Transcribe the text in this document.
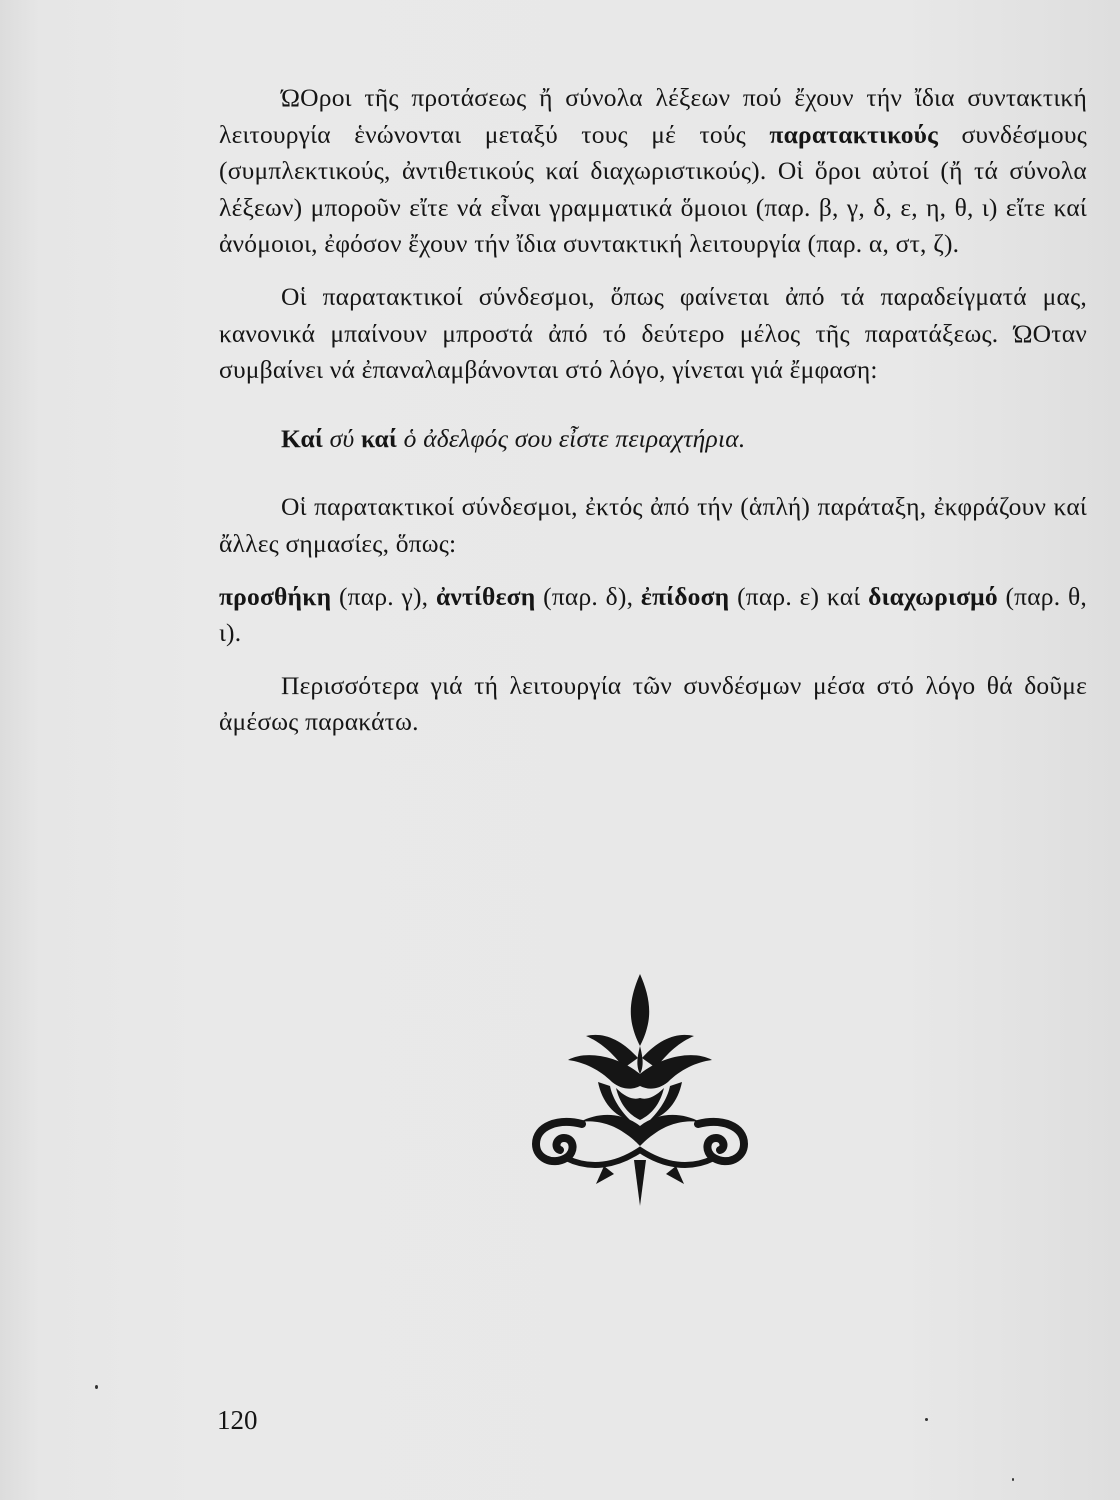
ΏΟροι τῆς προτάσεως ἤ σύνολα λέξεων πού ἔχουν τήν ἴδια συντακτική λειτουργία ἑνώνονται μεταξύ τους μέ τούς παρατακτικούς συνδέσμους (συμπλεκτικούς, ἀντιθετικούς καί διαχωριστικούς). Οἱ ὅροι αὐτοί (ἤ τά σύνολα λέξεων) μποροῦν εἴτε νά εἶναι γραμματικά ὅμοιοι (παρ. β, γ, δ, ε, η, θ, ι) εἴτε καί ἀνόμοιοι, ἐφόσον ἔχουν τήν ἴδια συντακτική λειτουργία (παρ. α, στ, ζ).

Οἱ παρατακτικοί σύνδεσμοι, ὅπως φαίνεται ἀπό τά παραδείγματά μας, κανονικά μπαίνουν μπροστά ἀπό τό δεύτερο μέλος τῆς παρατάξεως. ΏΟταν συμβαίνει νά ἐπαναλαμβάνονται στό λόγο, γίνεται γιά ἔμφαση:

Καί σύ καί ὁ ἀδελφός σου εἶστε πειραχτήρια.

Οἱ παρατακτικοί σύνδεσμοι, ἐκτός ἀπό τήν (ἁπλή) παράταξη, ἐκφράζουν καί ἄλλες σημασίες, ὅπως:

προσθήκη (παρ. γ), ἀντίθεση (παρ. δ), ἐπίδοση (παρ. ε) καί διαχωρισμό (παρ. θ, ι).

Περισσότερα γιά τή λειτουργία τῶν συνδέσμων μέσα στό λόγο θά δοῦμε ἀμέσως παρακάτω.

120
